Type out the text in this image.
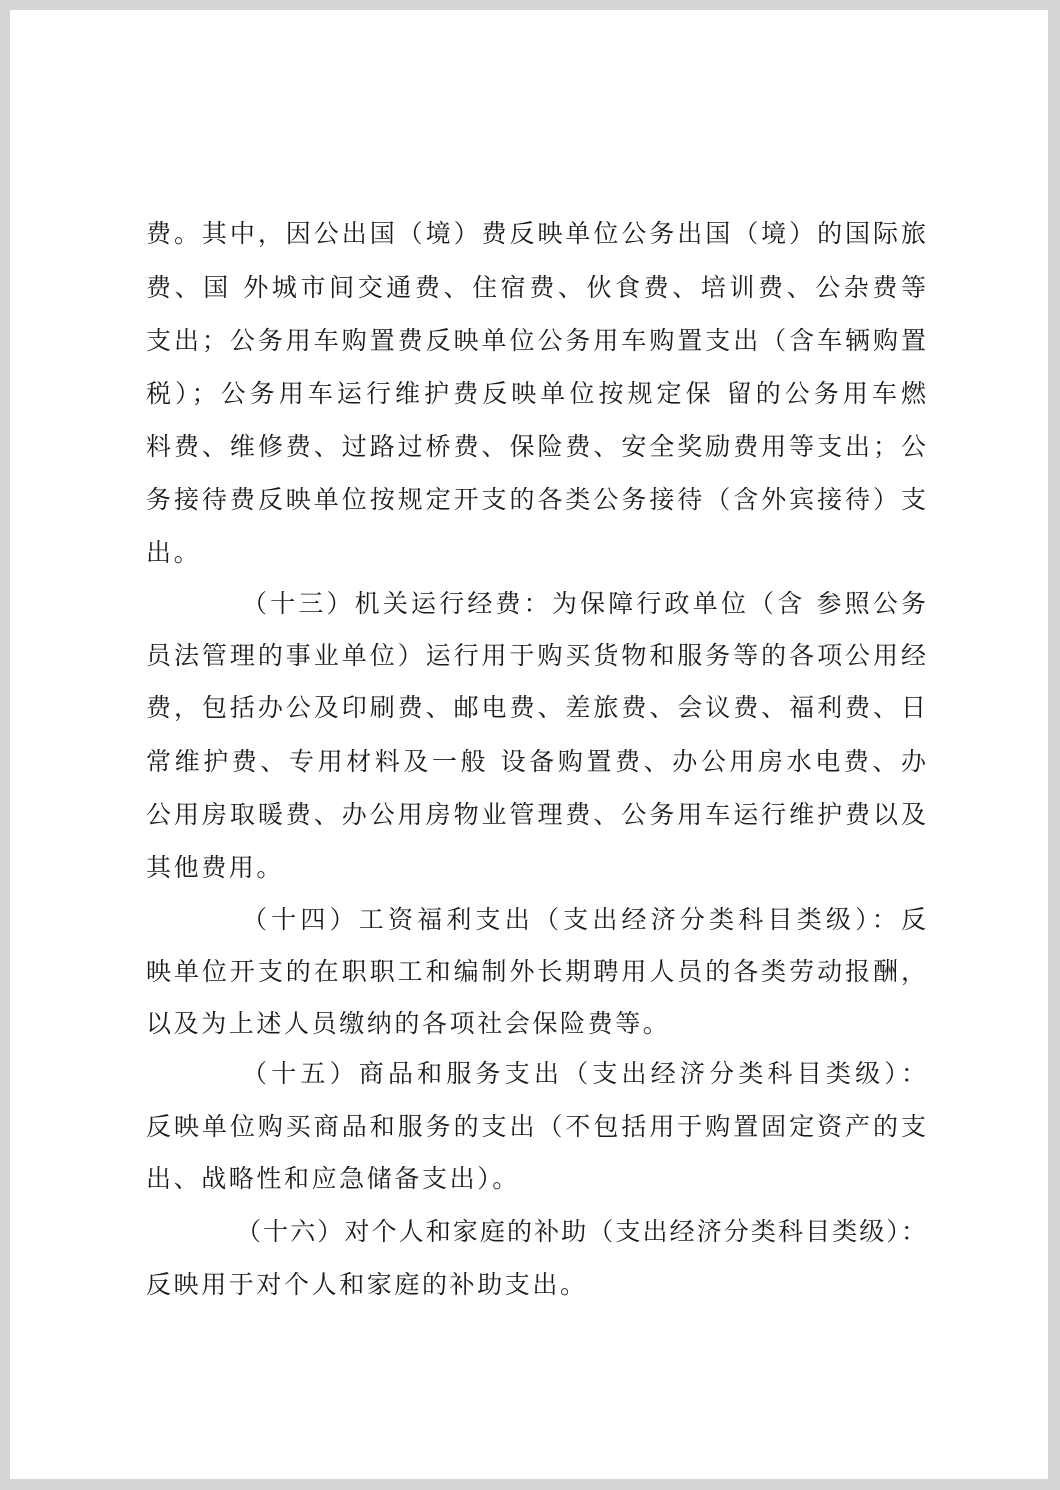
费。其中，因公出国（境）费反映单位公务出国（境）的国际旅
费、国 外城市间交通费、住宿费、伙食费、培训费、公杂费等
支出；公务用车购置费反映单位公务用车购置支出（含车辆购置
税）；公务用车运行维护费反映单位按规定保 留的公务用车燃
料费、维修费、过路过桥费、保险费、安全奖励费用等支出；公
务接待费反映单位按规定开支的各类公务接待（含外宾接待）支
出。
（十三）机关运行经费：为保障行政单位（含 参照公务
员法管理的事业单位）运行用于购买货物和服务等的各项公用经
费，包括办公及印刷费、邮电费、差旅费、会议费、福利费、日
常维护费、专用材料及一般 设备购置费、办公用房水电费、办
公用房取暖费、办公用房物业管理费、公务用车运行维护费以及
其他费用。
（十四）工资福利支出（支出经济分类科目类级）：反
映单位开支的在职职工和编制外长期聘用人员的各类劳动报酬，
以及为上述人员缴纳的各项社会保险费等。
（十五）商品和服务支出（支出经济分类科目类级）：
反映单位购买商品和服务的支出（不包括用于购置固定资产的支
出、战略性和应急储备支出）。
（十六）对个人和家庭的补助（支出经济分类科目类级）：
反映用于对个人和家庭的补助支出。
